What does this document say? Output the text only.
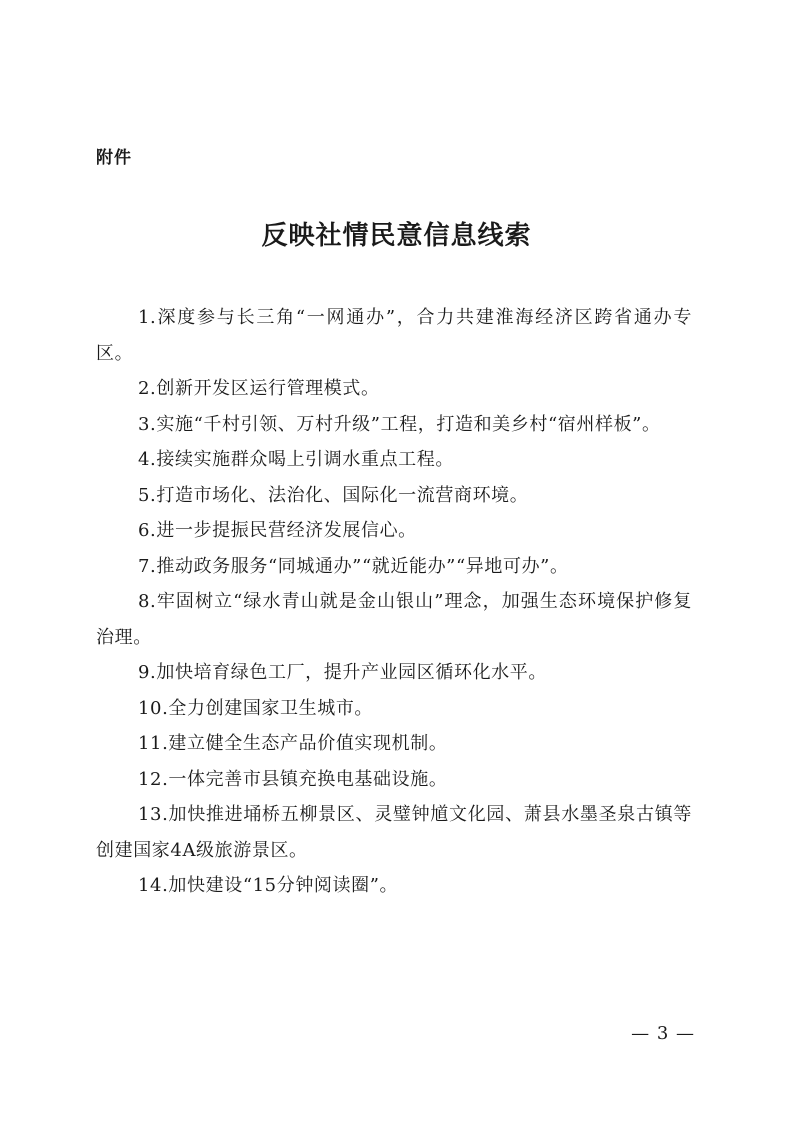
附件
反映社情民意信息线索
1.深度参与长三角“一网通办”，合力共建淮海经济区跨省通办专区。
2.创新开发区运行管理模式。
3.实施“千村引领、万村升级”工程，打造和美乡村“宿州样板”。
4.接续实施群众喝上引调水重点工程。
5.打造市场化、法治化、国际化一流营商环境。
6.进一步提振民营经济发展信心。
7.推动政务服务“同城通办”“就近能办”“异地可办”。
8.牢固树立“绿水青山就是金山银山”理念，加强生态环境保护修复治理。
9.加快培育绿色工厂，提升产业园区循环化水平。
10.全力创建国家卫生城市。
11.建立健全生态产品价值实现机制。
12.一体完善市县镇充换电基础设施。
13.加快推进埇桥五柳景区、灵璧钟馗文化园、萧县水墨圣泉古镇等创建国家4A级旅游景区。
14.加快建设“15分钟阅读圈”。
— 3 —
